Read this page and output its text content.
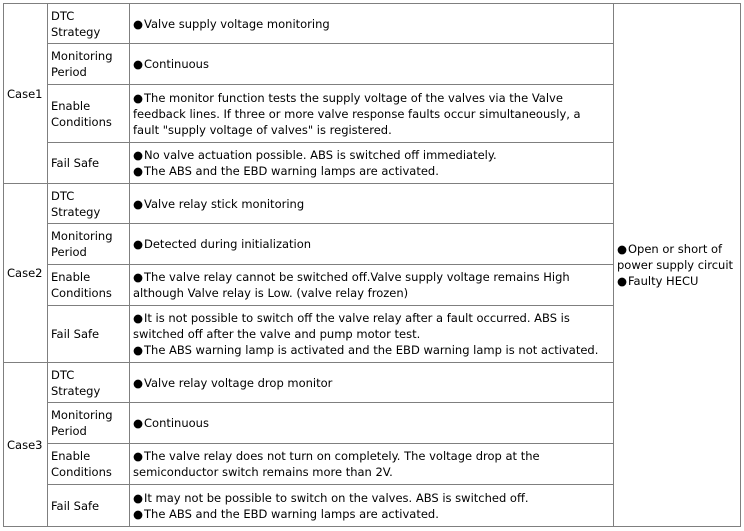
Case1	DTC Strategy	●Valve supply voltage monitoring	●Open or short of power supply circuit
●Faulty HECU

	Monitoring Period	●Continuous	

	Enable Conditions	●The monitor function tests the supply voltage of the valves via the Valve feedback lines. If three or more valve response faults occur simultaneously, a fault "supply voltage of valves" is registered.	

	Fail Safe	●No valve actuation possible. ABS is switched off immediately.
●The ABS and the EBD warning lamps are activated.	

Case2	DTC Strategy	●Valve relay stick monitoring	

	Monitoring Period	●Detected during initialization	

	Enable Conditions	●The valve relay cannot be switched off.Valve supply voltage remains High although Valve relay is Low. (valve relay frozen)	

	Fail Safe	●It is not possible to switch off the valve relay after a fault occurred. ABS is switched off after the valve and pump motor test.
●The ABS warning lamp is activated and the EBD warning lamp is not activated.	

Case3	DTC Strategy	●Valve relay voltage drop monitor	

	Monitoring Period	●Continuous	

	Enable Conditions	●The valve relay does not turn on completely. The voltage drop at the semiconductor switch remains more than 2V.	

	Fail Safe	●It may not be possible to switch on the valves. ABS is switched off.
●The ABS and the EBD warning lamps are activated.	
